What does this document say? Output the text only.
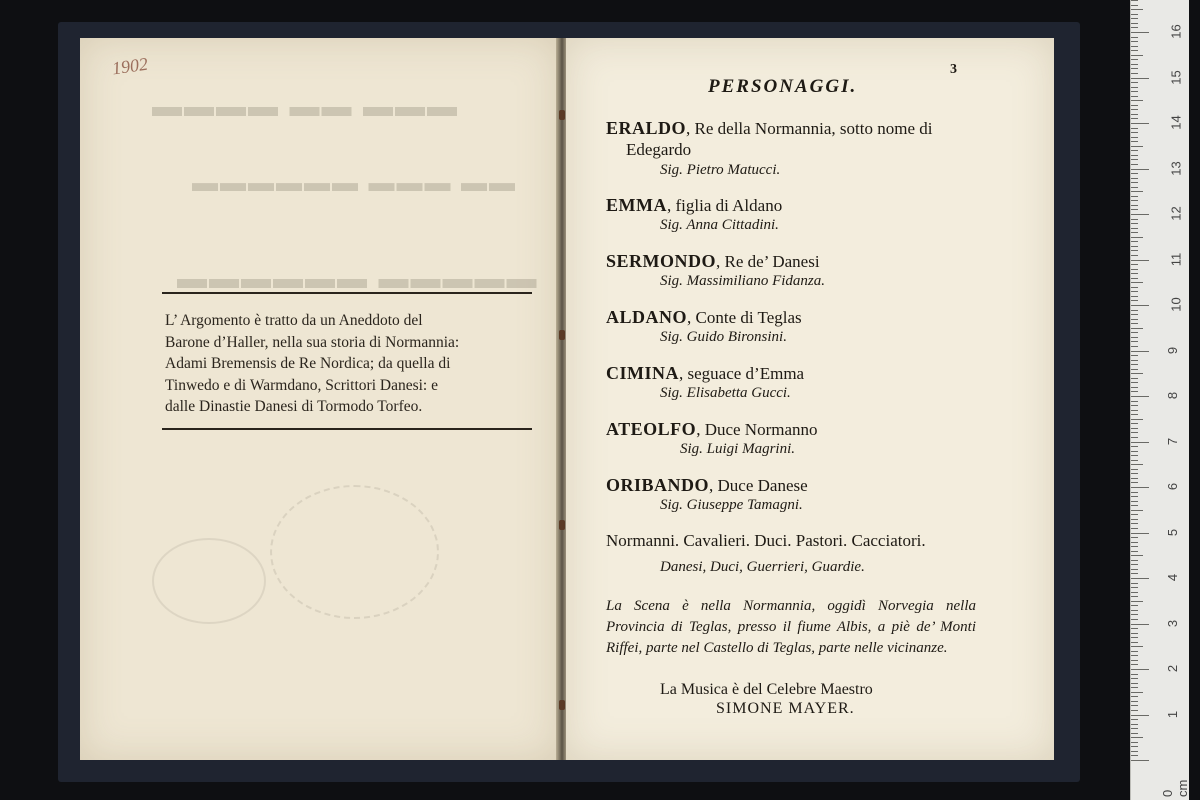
1902
▬▬▬ ▬▬ ▬▬▬▬
▬▬ ▬▬▬ ▬▬▬▬▬▬
▬▬▬▬▬ ▬▬▬▬▬▬
L’ Argomento è tratto da un Aneddoto del
Barone d’Haller, nella sua storia di Normannia:
Adami Bremensis de Re Nordica; da quella di
Tinwedo e di Warmdano, Scrittori Danesi: e
dalle Dinastie Danesi di Tormodo Torfeo.
PERSONAGGI.
3
ERALDO, Re della Normannia, sotto nome di
Edegardo
Sig. Pietro Matucci.
EMMA, figlia di Aldano
Sig. Anna Cittadini.
SERMONDO, Re de’ Danesi
Sig. Massimiliano Fidanza.
ALDANO, Conte di Teglas
Sig. Guido Bironsini.
CIMINA, seguace d’Emma
Sig. Elisabetta Gucci.
ATEOLFO, Duce Normanno
Sig. Luigi Magrini.
ORIBANDO, Duce Danese
Sig. Giuseppe Tamagni.
Normanni. Cavalieri. Duci. Pastori. Cacciatori.
Danesi, Duci, Guerrieri, Guardie.
La Scena è nella Normannia, oggidì Norvegia nella Provincia di Teglas, presso il fiume Albis, a piè de’ Monti Riffei, parte nel Castello di Teglas, parte nelle vicinanze.
La Musica è del Celebre Maestro
SIMONE MAYER.
0 cm
1
2
3
4
5
6
7
8
9
10
11
12
13
14
15
16
